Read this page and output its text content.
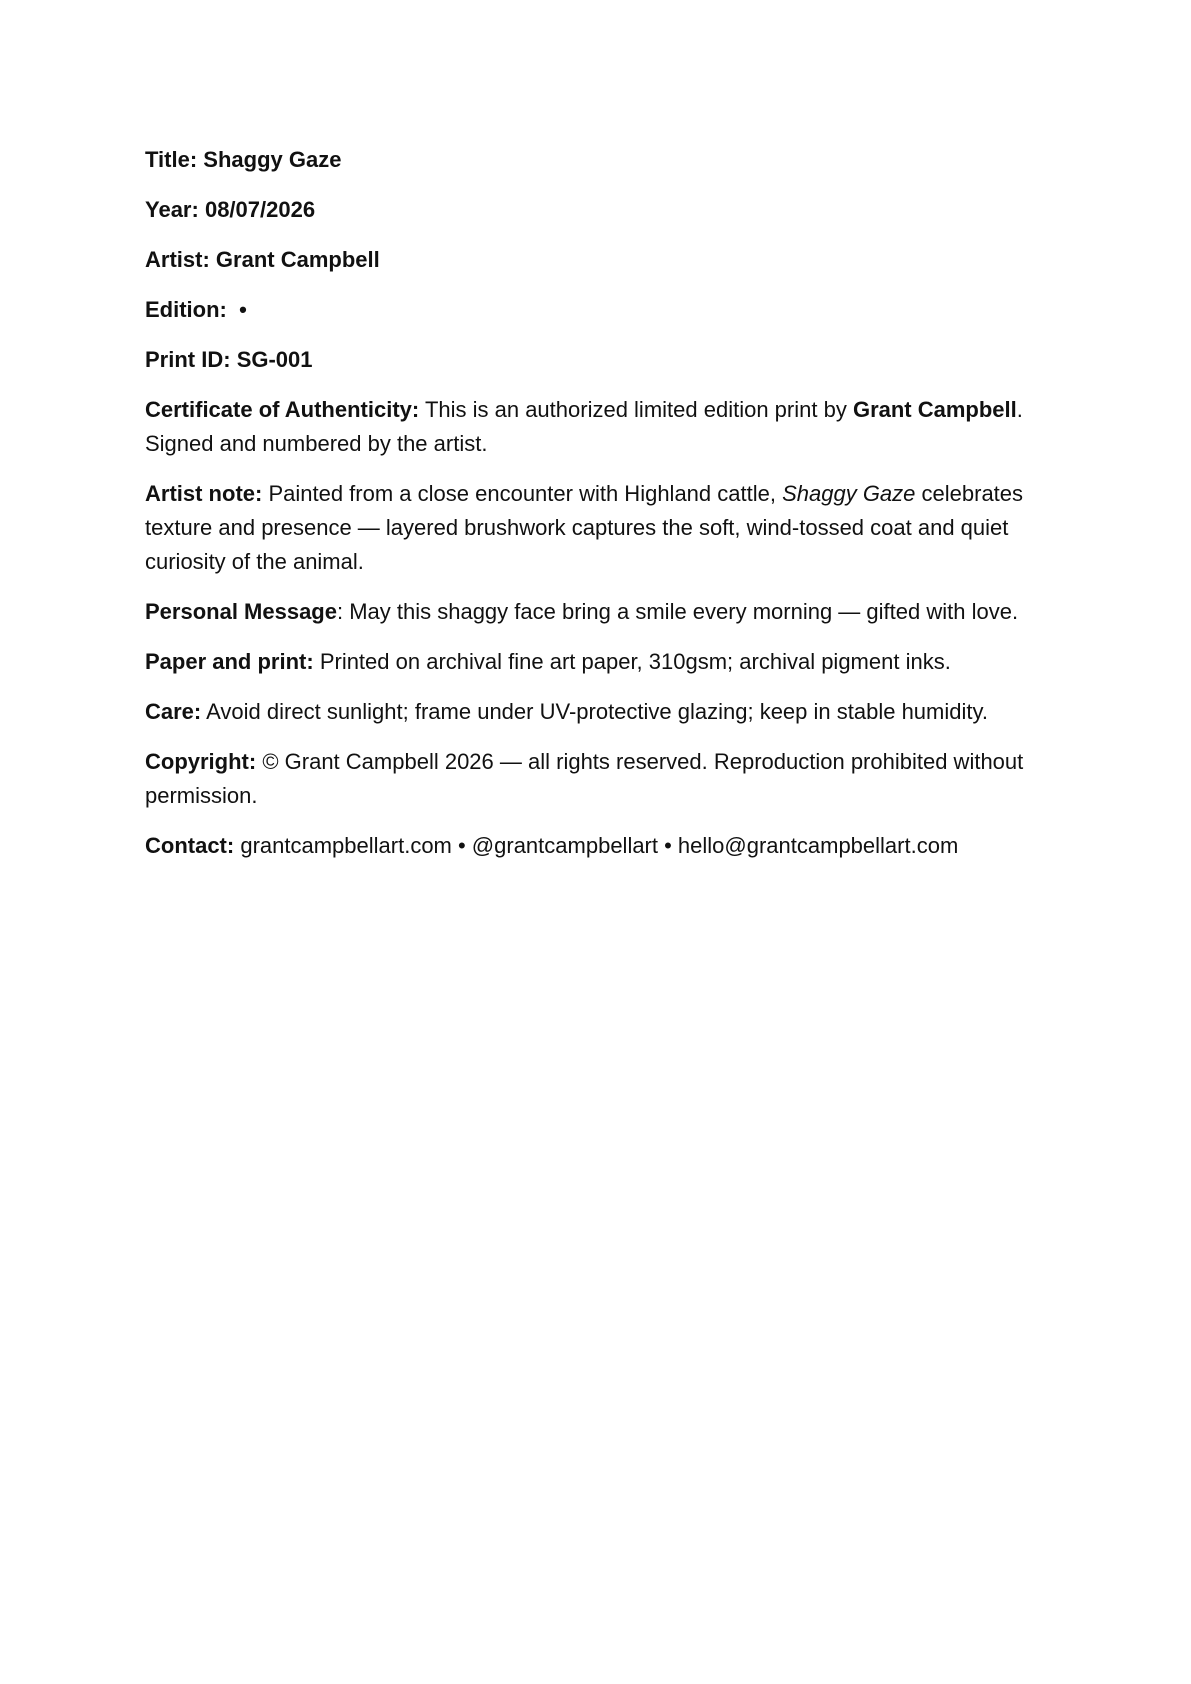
Title: Shaggy Gaze

Year: 08/07/2026

Artist: Grant Campbell

Edition: •

Print ID: SG-001

Certificate of Authenticity: This is an authorized limited edition print by Grant Campbell. Signed and numbered by the artist.

Artist note: Painted from a close encounter with Highland cattle, Shaggy Gaze celebrates texture and presence — layered brushwork captures the soft, wind-tossed coat and quiet curiosity of the animal.

Personal Message: May this shaggy face bring a smile every morning — gifted with love.

Paper and print: Printed on archival fine art paper, 310gsm; archival pigment inks.

Care: Avoid direct sunlight; frame under UV-protective glazing; keep in stable humidity.

Copyright: © Grant Campbell 2026 — all rights reserved. Reproduction prohibited without permission.

Contact: grantcampbellart.com • @grantcampbellart • hello@grantcampbellart.com
